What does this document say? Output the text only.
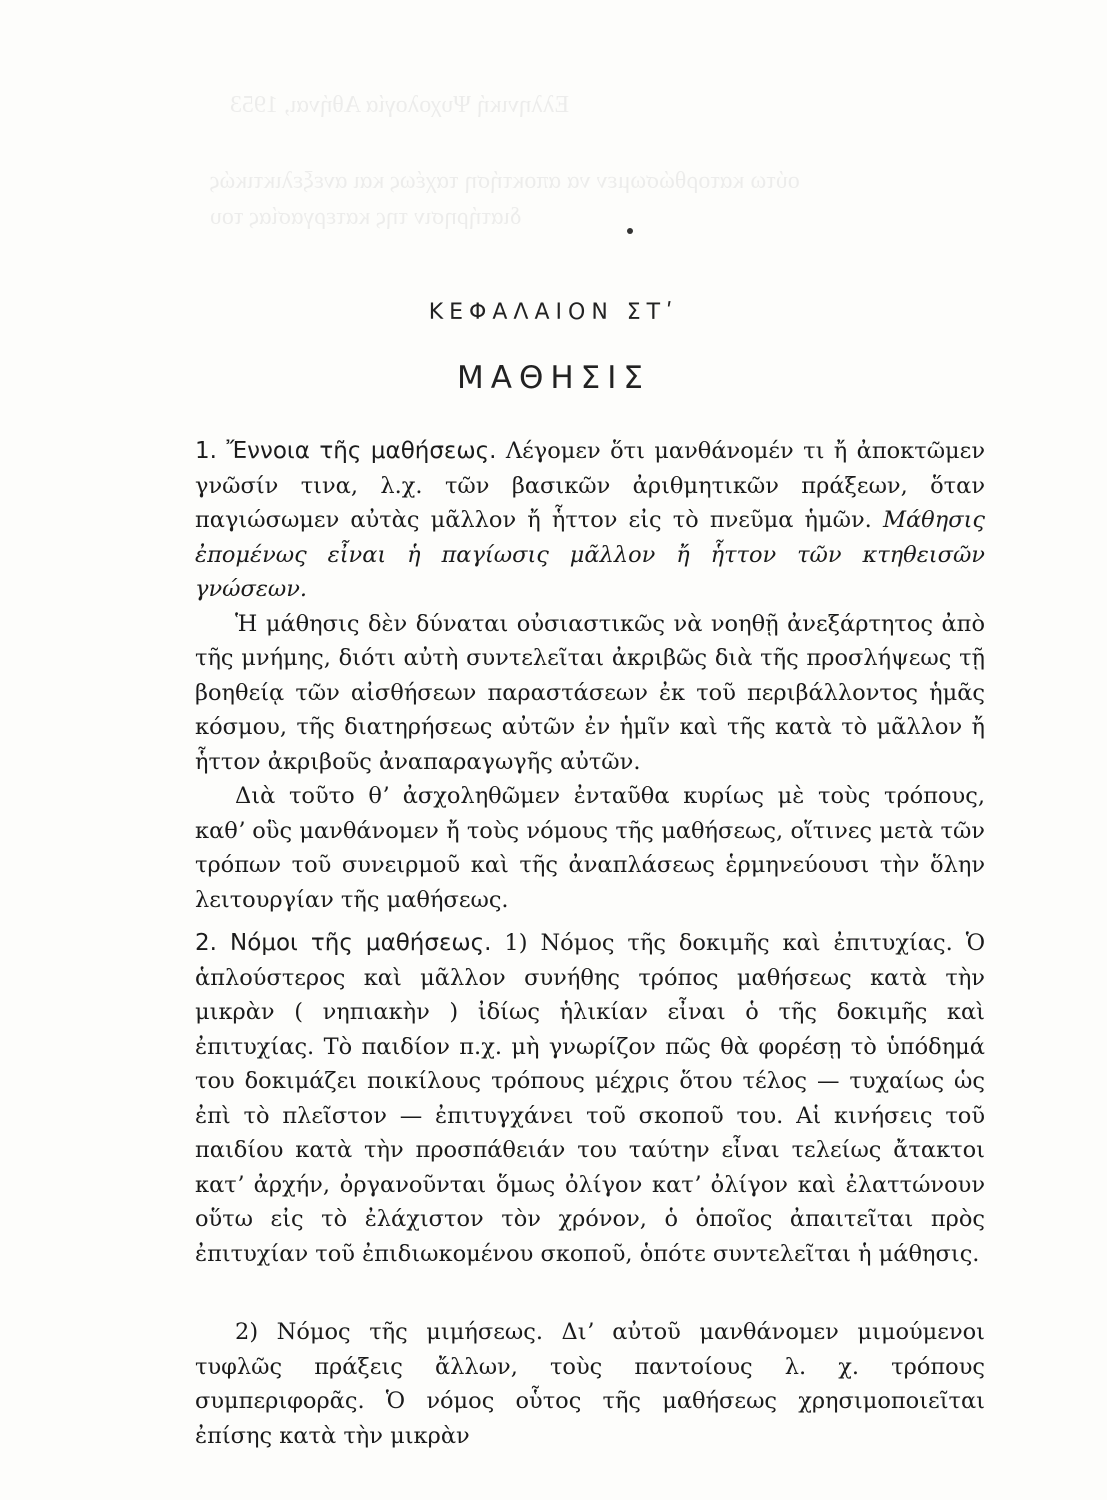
Ελληνική Ψυχολογία Αθήναι, 1953
ούτω κατορθώσωμεν να αποκτήση ταχέως και ανεξελικτικώς
διατήρησιν της κατεργασίας του
ΚΕΦΑΛΑΙΟΝ ΣΤʹ
ΜΑΘΗΣΙΣ

1. Ἔννοια τῆς μαθήσεως. Λέγομεν ὅτι μανθάνομέν τι ἤ ἀποκτῶμεν γνῶσίν τινα, λ.χ. τῶν βασικῶν ἀριθμητικῶν πράξεων, ὅταν παγιώσωμεν αὐτὰς μᾶλλον ἤ ἧττον εἰς τὸ πνεῦμα ἡμῶν. Μάθησις ἐπομένως εἶναι ἡ παγίωσις μᾶλλον ἤ ἧττον τῶν κτηθεισῶν γνώσεων.

Ἡ μάθησις δὲν δύναται οὐσιαστικῶς νὰ νοηθῇ ἀνεξάρτητος ἀπὸ τῆς μνήμης, διότι αὐτὴ συντελεῖται ἀκριβῶς διὰ τῆς προσλήψεως τῇ βοηθείᾳ τῶν αἰσθήσεων παραστάσεων ἐκ τοῦ περιβάλλοντος ἡμᾶς κόσμου, τῆς διατηρήσεως αὐτῶν ἐν ἡμῖν καὶ τῆς κατὰ τὸ μᾶλλον ἤ ἧττον ἀκριβοῦς ἀναπαραγωγῆς αὐτῶν.

Διὰ τοῦτο θʼ ἀσχοληθῶμεν ἐνταῦθα κυρίως μὲ τοὺς τρόπους, καθʼ οὓς μανθάνομεν ἤ τοὺς νόμους τῆς μαθήσεως, οἵτινες μετὰ τῶν τρόπων τοῦ συνειρμοῦ καὶ τῆς ἀναπλάσεως ἑρμηνεύουσι τὴν ὅλην λειτουργίαν τῆς μαθήσεως.

2. Νόμοι τῆς μαθήσεως. 1) Νόμος τῆς δοκιμῆς καὶ ἐπιτυχίας. Ὁ ἁπλούστερος καὶ μᾶλλον συνήθης τρόπος μαθήσεως κατὰ τὴν μικρὰν ( νηπιακὴν ) ἰδίως ἡλικίαν εἶναι ὁ τῆς δοκιμῆς καὶ ἐπιτυχίας. Τὸ παιδίον π.χ. μὴ γνωρίζον πῶς θὰ φορέσῃ τὸ ὑπόδημά του δοκιμάζει ποικίλους τρόπους μέχρις ὅτου τέλος — τυχαίως ὡς ἐπὶ τὸ πλεῖστον — ἐπιτυγχάνει τοῦ σκοποῦ του. Αἱ κινήσεις τοῦ παιδίου κατὰ τὴν προσπάθειάν του ταύτην εἶναι τελείως ἄτακτοι κατʼ ἀρχήν, ὀργανοῦνται ὅμως ὀλίγον κατʼ ὀλίγον καὶ ἐλαττώνουν οὕτω εἰς τὸ ἐλάχιστον τὸν χρόνον, ὁ ὁποῖος ἀπαιτεῖται πρὸς ἐπιτυχίαν τοῦ ἐπιδιωκομένου σκοποῦ, ὁπότε συντελεῖται ἡ μάθησις.

2) Νόμος τῆς μιμήσεως. Διʼ αὐτοῦ μανθάνομεν μιμούμενοι τυφλῶς πράξεις ἄλλων, τοὺς παντοίους λ. χ. τρόπους συμπεριφορᾶς. Ὁ νόμος οὗτος τῆς μαθήσεως χρησιμοποιεῖται ἐπίσης κατὰ τὴν μικρὰν
